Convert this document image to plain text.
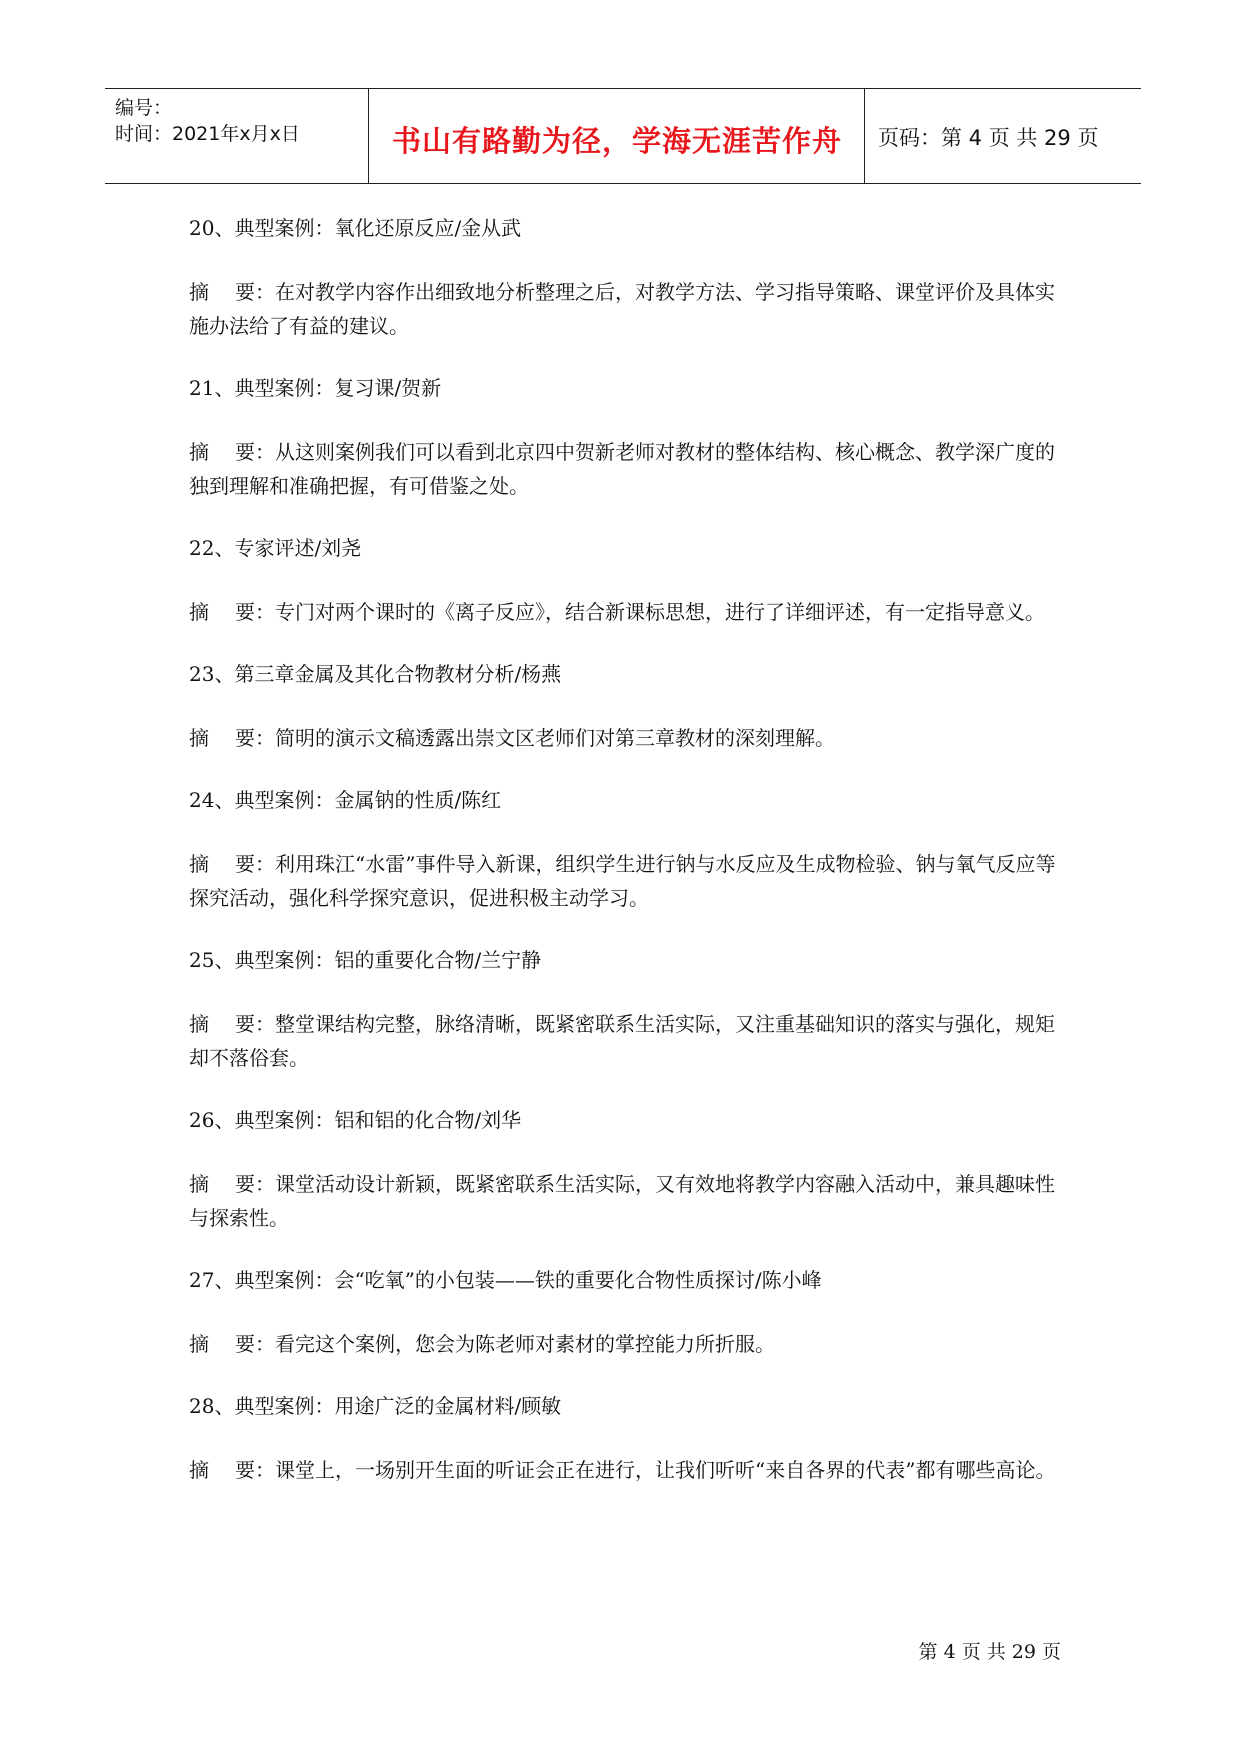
编号：
时间：2021年x月x日	书山有路勤为径，学海无涯苦作舟	页码：第 4 页 共 29 页
20、典型案例：氧化还原反应/金从武
摘 要：在对教学内容作出细致地分析整理之后，对教学方法、学习指导策略、课堂评价及具体实施办法给了有益的建议。
21、典型案例：复习课/贺新
摘 要：从这则案例我们可以看到北京四中贺新老师对教材的整体结构、核心概念、教学深广度的独到理解和准确把握，有可借鉴之处。
22、专家评述/刘尧
摘 要：专门对两个课时的《离子反应》，结合新课标思想，进行了详细评述，有一定指导意义。
23、第三章金属及其化合物教材分析/杨燕
摘 要：简明的演示文稿透露出崇文区老师们对第三章教材的深刻理解。
24、典型案例：金属钠的性质/陈红
摘 要：利用珠江“水雷”事件导入新课，组织学生进行钠与水反应及生成物检验、钠与氧气反应等探究活动，强化科学探究意识，促进积极主动学习。
25、典型案例：铝的重要化合物/兰宁静
摘 要：整堂课结构完整，脉络清晰，既紧密联系生活实际，又注重基础知识的落实与强化，规矩却不落俗套。
26、典型案例：铝和铝的化合物/刘华
摘 要：课堂活动设计新颖，既紧密联系生活实际，又有效地将教学内容融入活动中，兼具趣味性与探索性。
27、典型案例：会“吃氧”的小包装——铁的重要化合物性质探讨/陈小峰
摘 要：看完这个案例，您会为陈老师对素材的掌控能力所折服。
28、典型案例：用途广泛的金属材料/顾敏
摘 要：课堂上，一场别开生面的听证会正在进行，让我们听听“来自各界的代表”都有哪些高论。
第 4 页 共 29 页
